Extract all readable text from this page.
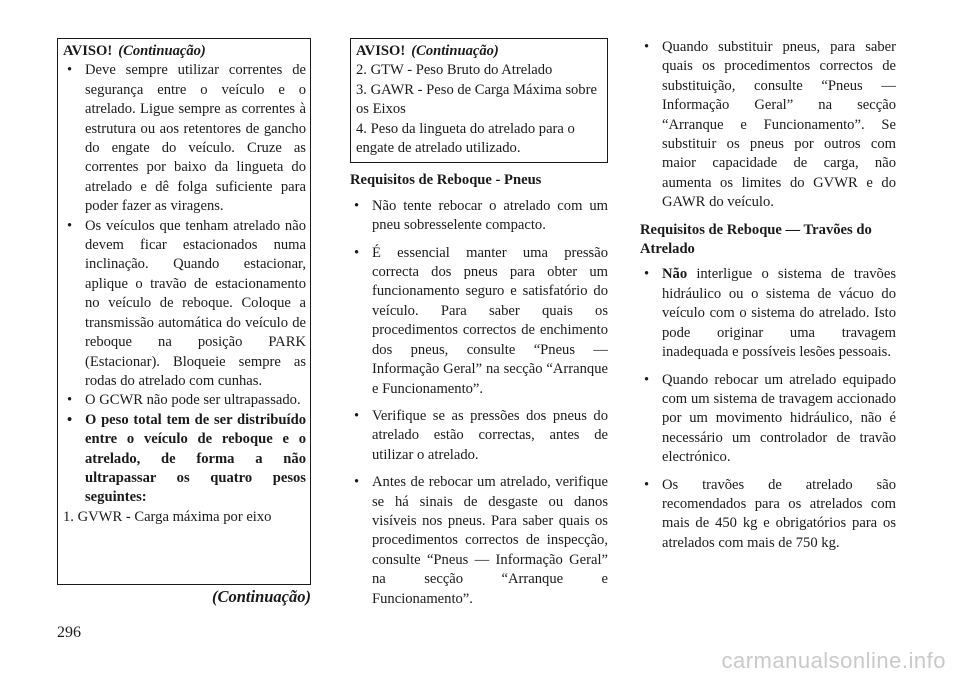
AVISO! (Continuação)
• Deve sempre utilizar correntes de segurança entre o veículo e o atrelado. Ligue sempre as correntes à estrutura ou aos retentores de gancho do engate do veículo. Cruze as correntes por baixo da lingueta do atrelado e dê folga suficiente para poder fazer as viragens.
• Os veículos que tenham atrelado não devem ficar estacionados numa inclinação. Quando estacionar, aplique o travão de estacionamento no veículo de reboque. Coloque a transmissão automática do veículo de reboque na posição PARK (Estacionar). Bloqueie sempre as rodas do atrelado com cunhas.
• O GCWR não pode ser ultrapassado.
• O peso total tem de ser distribuído entre o veículo de reboque e o atrelado, de forma a não ultrapassar os quatro pesos seguintes:
1. GVWR - Carga máxima por eixo
(Continuação)
AVISO! (Continuação)
2. GTW - Peso Bruto do Atrelado
3. GAWR - Peso de Carga Máxima sobre os Eixos
4. Peso da lingueta do atrelado para o engate de atrelado utilizado.
Requisitos de Reboque - Pneus
• Não tente rebocar o atrelado com um pneu sobresselente compacto.
• É essencial manter uma pressão correcta dos pneus para obter um funcionamento seguro e satisfatório do veículo. Para saber quais os procedimentos correctos de enchimento dos pneus, consulte “Pneus — Informação Geral” na secção “Arranque e Funcionamento”.
• Verifique se as pressões dos pneus do atrelado estão correctas, antes de utilizar o atrelado.
• Antes de rebocar um atrelado, verifique se há sinais de desgaste ou danos visíveis nos pneus. Para saber quais os procedimentos correctos de inspecção, consulte “Pneus — Informação Geral” na secção “Arranque e Funcionamento”.
• Quando substituir pneus, para saber quais os procedimentos correctos de substituição, consulte “Pneus — Informação Geral” na secção “Arranque e Funcionamento”. Se substituir os pneus por outros com maior capacidade de carga, não aumenta os limites do GVWR e do GAWR do veículo.
Requisitos de Reboque — Travões do Atrelado
• Não interligue o sistema de travões hidráulico ou o sistema de vácuo do veículo com o sistema do atrelado. Isto pode originar uma travagem inadequada e possíveis lesões pessoais.
• Quando rebocar um atrelado equipado com um sistema de travagem accionado por um movimento hidráulico, não é necessário um controlador de travão electrónico.
• Os travões de atrelado são recomendados para os atrelados com mais de 450 kg e obrigatórios para os atrelados com mais de 750 kg.
296
carmanualsonline.info
